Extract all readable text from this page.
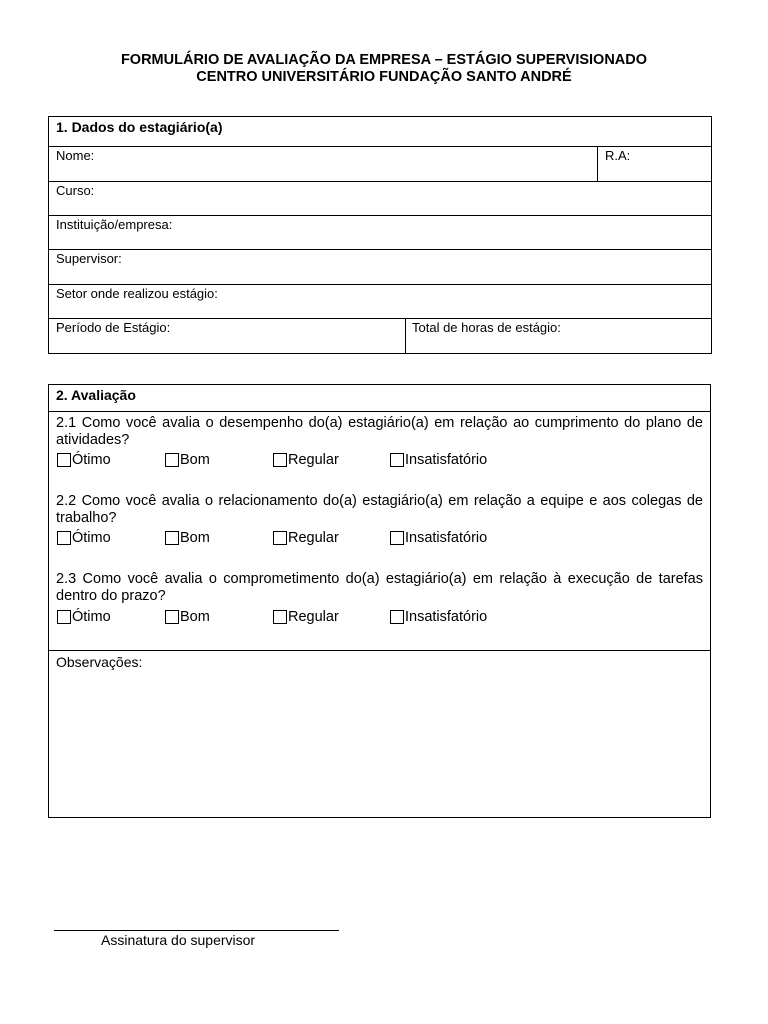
FORMULÁRIO DE AVALIAÇÃO DA EMPRESA – ESTÁGIO SUPERVISIONADO
CENTRO UNIVERSITÁRIO FUNDAÇÃO SANTO ANDRÉ
1. Dados do estagiário(a)
Nome:	R.A:
Curso:
Instituição/empresa:
Supervisor:
Setor onde realizou estágio:
Período de Estágio:	Total de horas de estágio:
2. Avaliação
2.1 Como você avalia o desempenho do(a) estagiário(a) em relação ao cumprimento do plano de atividades?
Ótimo	Bom	Regular	Insatisfatório
2.2 Como você avalia o relacionamento do(a) estagiário(a) em relação a equipe e aos colegas de trabalho?
Ótimo	Bom	Regular	Insatisfatório
2.3 Como você avalia o comprometimento do(a) estagiário(a) em relação à execução de tarefas dentro do prazo?
Ótimo	Bom	Regular	Insatisfatório
Observações:
Assinatura do supervisor
